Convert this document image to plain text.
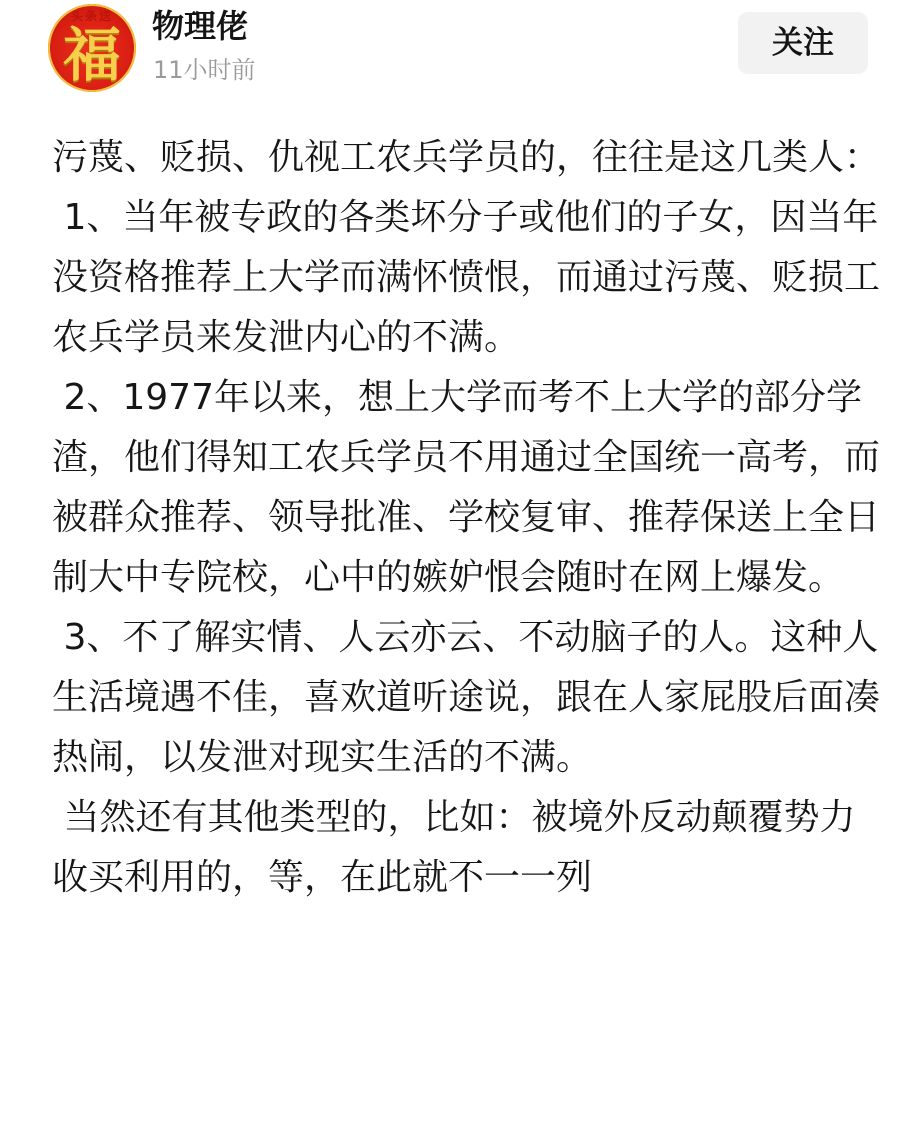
头条送
福 物理佬
11小时前
关注

污蔑、贬损、仇视工农兵学员的，往往是这几类人：

1、当年被专政的各类坏分子或他们的子女，因当年没资格推荐上大学而满怀愤恨，而通过污蔑、贬损工农兵学员来发泄内心的不满。

2、1977年以来，想上大学而考不上大学的部分学渣，他们得知工农兵学员不用通过全国统一高考，而被群众推荐、领导批准、学校复审、推荐保送上全日制大中专院校，心中的嫉妒恨会随时在网上爆发。

3、不了解实情、人云亦云、不动脑子的人。这种人生活境遇不佳，喜欢道听途说，跟在人家屁股后面凑热闹，以发泄对现实生活的不满。

当然还有其他类型的，比如：被境外反动颠覆势力收买利用的，等，在此就不一一列
